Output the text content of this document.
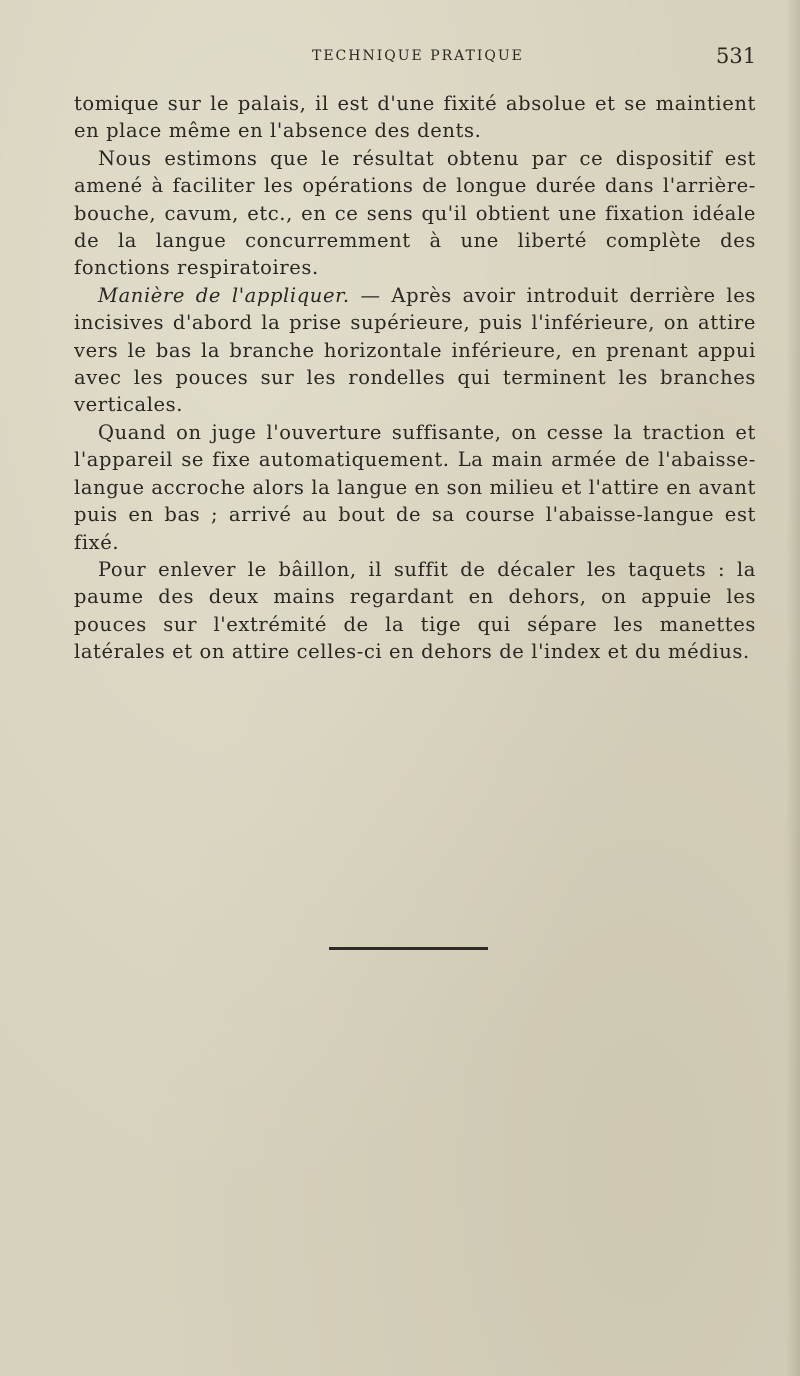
TECHNIQUE PRATIQUE	531

tomique sur le palais, il est d'une fixité absolue et se maintient en place même en l'absence des dents.

Nous estimons que le résultat obtenu par ce dispositif est amené à faciliter les opérations de longue durée dans l'arrière-bouche, cavum, etc., en ce sens qu'il obtient une fixation idéale de la langue concurremment à une liberté complète des fonctions respiratoires.

Manière de l'appliquer. — Après avoir introduit derrière les incisives d'abord la prise supérieure, puis l'inférieure, on attire vers le bas la branche horizontale inférieure, en prenant appui avec les pouces sur les rondelles qui terminent les branches verticales.

Quand on juge l'ouverture suffisante, on cesse la traction et l'appareil se fixe automatiquement. La main armée de l'abaisse-langue accroche alors la langue en son milieu et l'attire en avant puis en bas ; arrivé au bout de sa course l'abaisse-langue est fixé.

Pour enlever le bâillon, il suffit de décaler les taquets : la paume des deux mains regardant en dehors, on appuie les pouces sur l'extrémité de la tige qui sépare les manettes latérales et on attire celles-ci en dehors de l'index et du médius.
